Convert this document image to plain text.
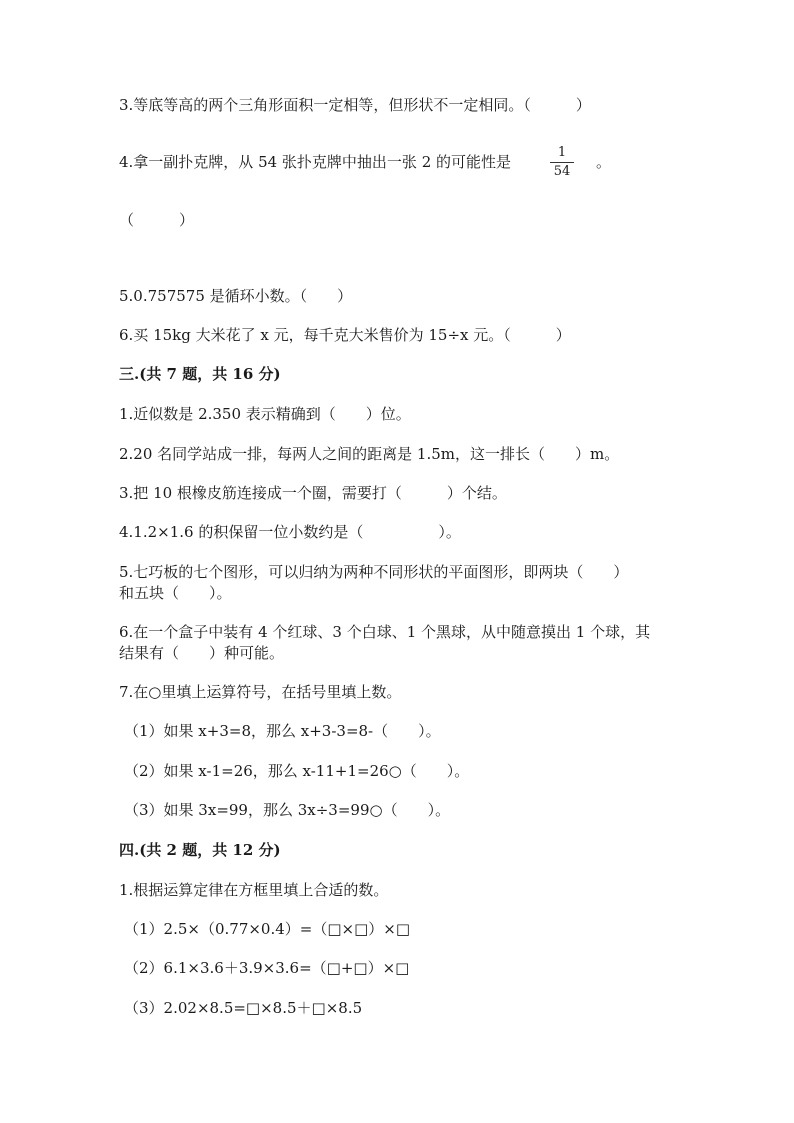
3.等底等高的两个三角形面积一定相等，但形状不一定相同。（　　　）
4.拿一副扑克牌，从 54 张扑克牌中抽出一张 2 的可能性是
1
54
。
（　　　）
5.0.757575 是循环小数。（　　）
6.买 15kg 大米花了 x 元，每千克大米售价为 15÷x 元。（　　　）
三.(共 7 题，共 16 分)
1.近似数是 2.350 表示精确到（　　）位。
2.20 名同学站成一排，每两人之间的距离是 1.5m，这一排长（　　）m。
3.把 10 根橡皮筋连接成一个圈，需要打（　　　）个结。
4.1.2×1.6 的积保留一位小数约是（　　　　　）。
5.七巧板的七个图形，可以归纳为两种不同形状的平面图形，即两块（　　）
和五块（　　）。
6.在一个盒子中装有 4 个红球、3 个白球、1 个黑球，从中随意摸出 1 个球，其
结果有（　　）种可能。
7.在○里填上运算符号，在括号里填上数。
（1）如果 x+3=8，那么 x+3-3=8-（　　）。
（2）如果 x-1=26，那么 x-11+1=26○（　　）。
（3）如果 3x=99，那么 3x÷3=99○（　　）。
四.(共 2 题，共 12 分)
1.根据运算定律在方框里填上合适的数。
（1）2.5×（0.77×0.4）=（□×□）×□
（2）6.1×3.6＋3.9×3.6=（□+□）×□
（3）2.02×8.5=□×8.5＋□×8.5
